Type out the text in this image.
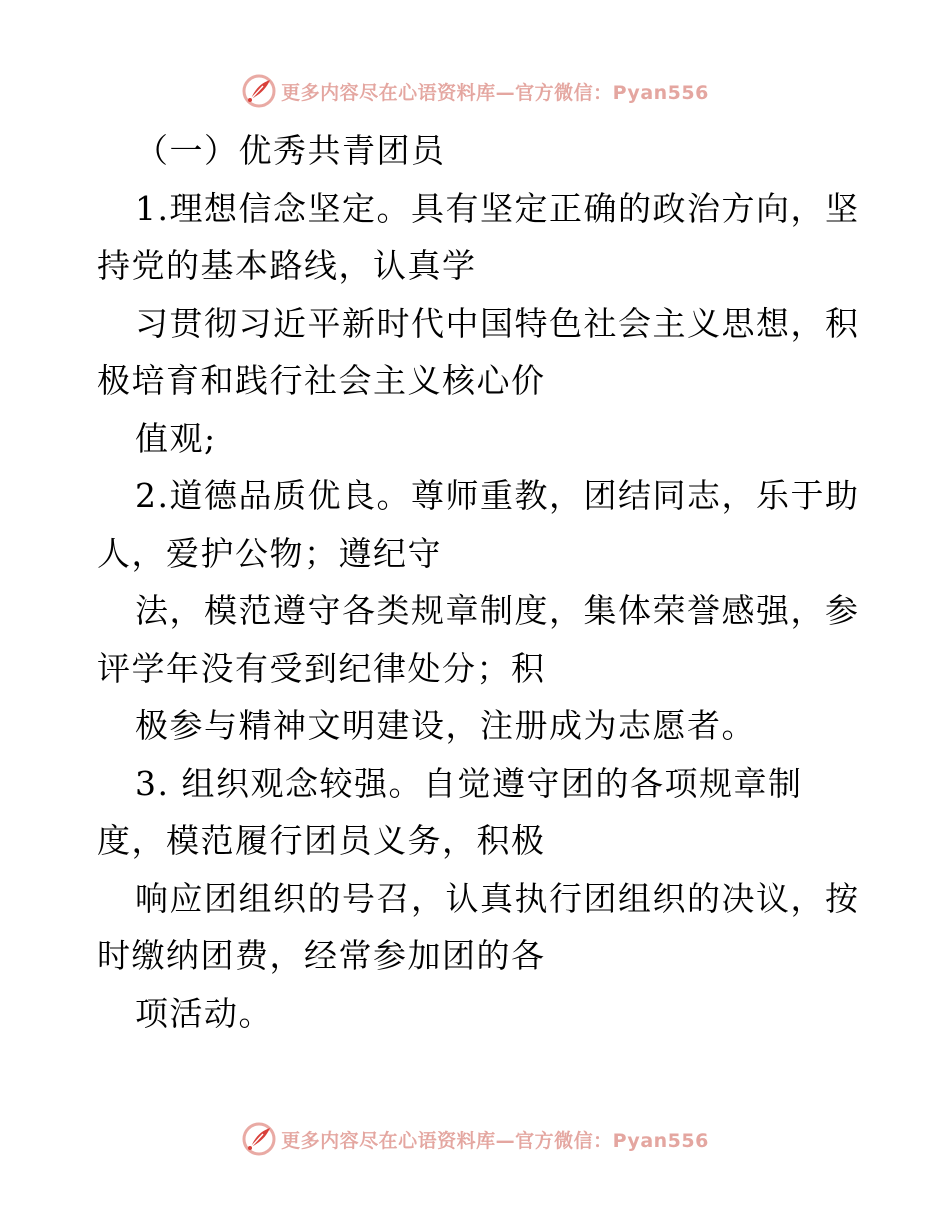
更多内容尽在心语资料库—官方微信：Pyan556
（一）优秀共青团员
1.理想信念坚定。具有坚定正确的政治方向，坚
持党的基本路线，认真学
习贯彻习近平新时代中国特色社会主义思想，积
极培育和践行社会主义核心价
值观;
2.道德品质优良。尊师重教，团结同志，乐于助
人，爱护公物；遵纪守
法，模范遵守各类规章制度，集体荣誉感强，参
评学年没有受到纪律处分；积
极参与精神文明建设，注册成为志愿者。
3. 组织观念较强。自觉遵守团的各项规章制
度，模范履行团员义务，积极
响应团组织的号召，认真执行团组织的决议，按
时缴纳团费，经常参加团的各
项活动。
更多内容尽在心语资料库—官方微信：Pyan556
